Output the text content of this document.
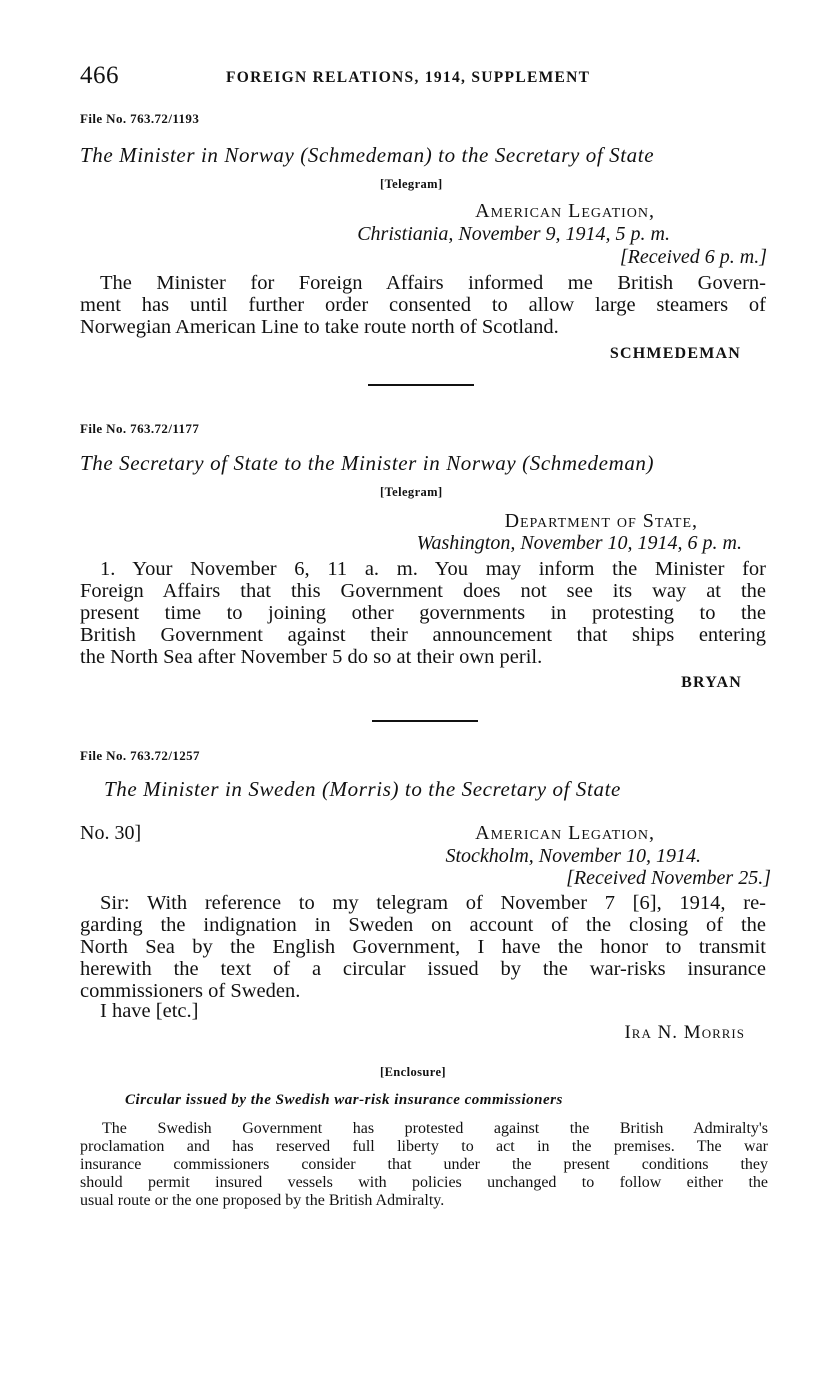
466	FOREIGN RELATIONS, 1914, SUPPLEMENT
File No. 763.72/1193
The Minister in Norway (Schmedeman) to the Secretary of State
[Telegram]
American Legation,
Christiania, November 9, 1914, 5 p. m.
[Received 6 p. m.]
The Minister for Foreign Affairs informed me British Govern-
ment has until further order consented to allow large steamers of
Norwegian American Line to take route north of Scotland.
SCHMEDEMAN
File No. 763.72/1177
The Secretary of State to the Minister in Norway (Schmedeman)
[Telegram]
Department of State,
Washington, November 10, 1914, 6 p. m.
1. Your November 6, 11 a. m. You may inform the Minister for
Foreign Affairs that this Government does not see its way at the
present time to joining other governments in protesting to the
British Government against their announcement that ships entering
the North Sea after November 5 do so at their own peril.
BRYAN
File No. 763.72/1257
The Minister in Sweden (Morris) to the Secretary of State
No. 30]	American Legation,
Stockholm, November 10, 1914.
[Received November 25.]
Sir: With reference to my telegram of November 7 [6], 1914, re-
garding the indignation in Sweden on account of the closing of the
North Sea by the English Government, I have the honor to transmit
herewith the text of a circular issued by the war-risks insurance
commissioners of Sweden.
I have [etc.]
Ira N. Morris
[Enclosure]
Circular issued by the Swedish war-risk insurance commissioners
The Swedish Government has protested against the British Admiralty's
proclamation and has reserved full liberty to act in the premises. The war
insurance commissioners consider that under the present conditions they
should permit insured vessels with policies unchanged to follow either the
usual route or the one proposed by the British Admiralty.
